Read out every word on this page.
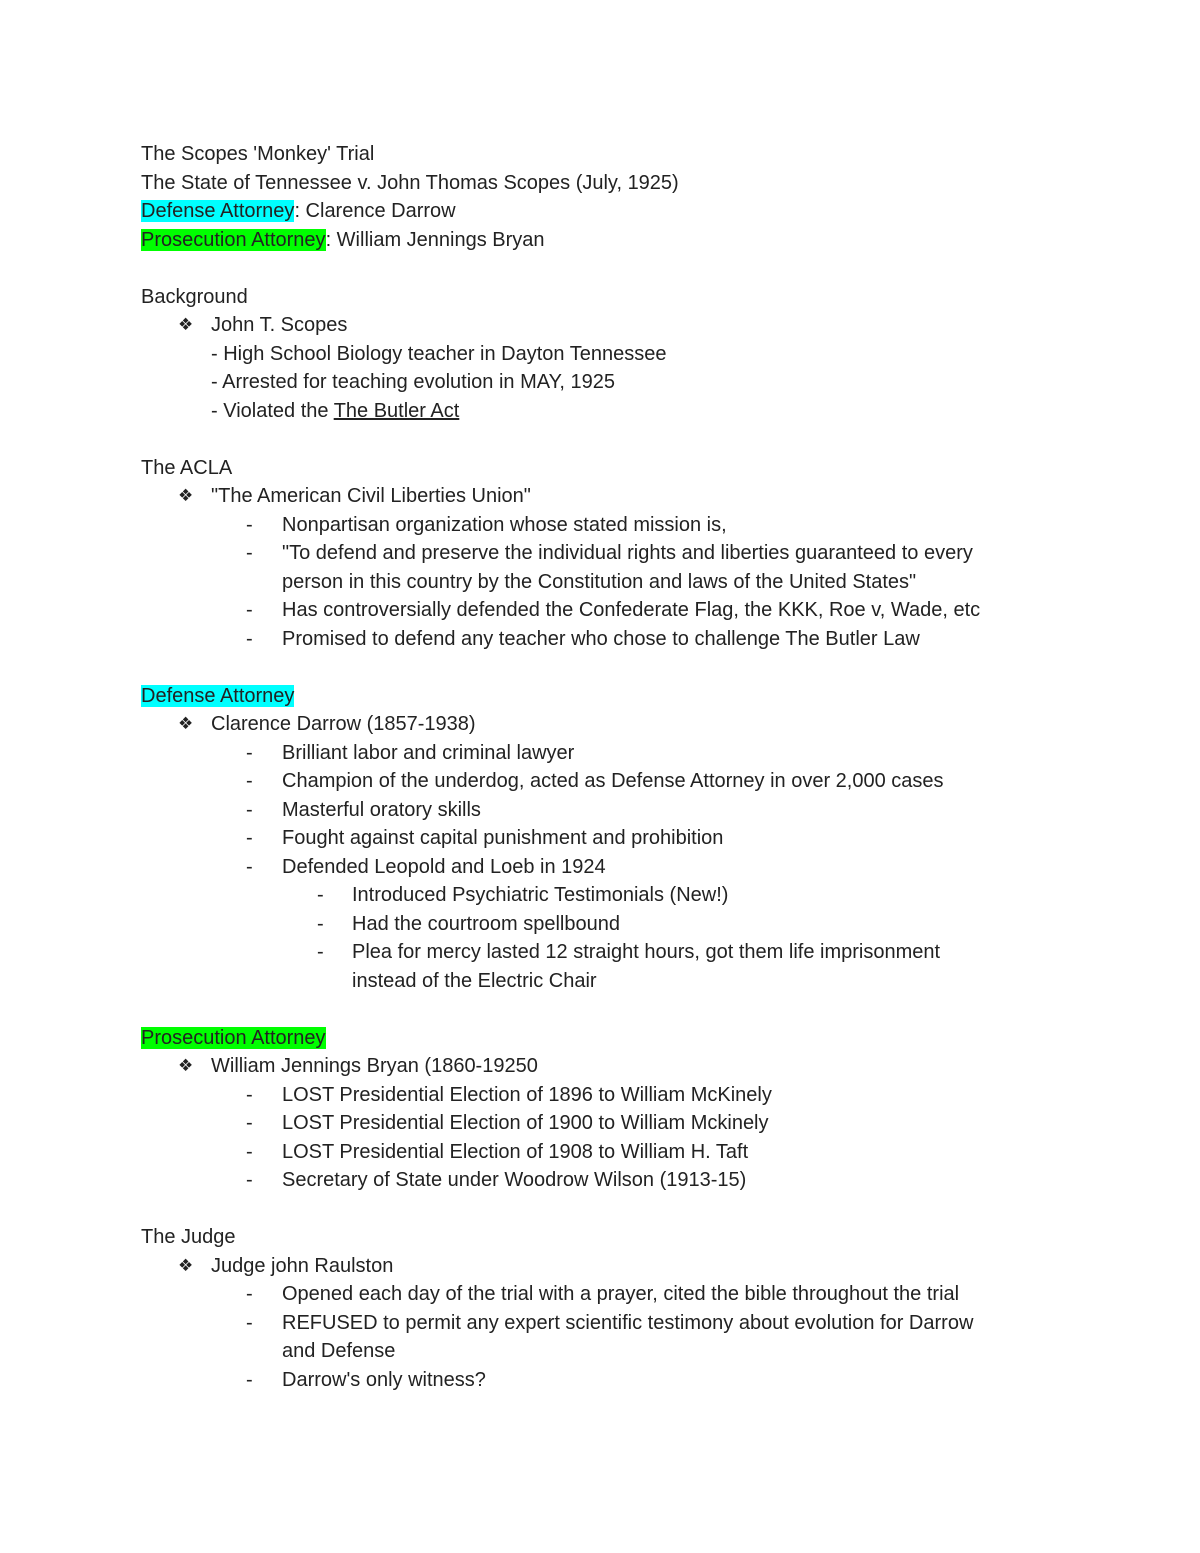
The Scopes 'Monkey' Trial
The State of Tennessee v. John Thomas Scopes (July, 1925)
Defense Attorney: Clarence Darrow
Prosecution Attorney: William Jennings Bryan
Background
❖ John T. Scopes
- High School Biology teacher in Dayton Tennessee
- Arrested for teaching evolution in MAY, 1925
- Violated the The Butler Act
The ACLA
❖ "The American Civil Liberties Union"
- Nonpartisan organization whose stated mission is,
- "To defend and preserve the individual rights and liberties guaranteed to every
person in this country by the Constitution and laws of the United States"
- Has controversially defended the Confederate Flag, the KKK, Roe v, Wade, etc
- Promised to defend any teacher who chose to challenge The Butler Law
Defense Attorney
❖ Clarence Darrow (1857-1938)
- Brilliant labor and criminal lawyer
- Champion of the underdog, acted as Defense Attorney in over 2,000 cases
- Masterful oratory skills
- Fought against capital punishment and prohibition
- Defended Leopold and Loeb in 1924
- Introduced Psychiatric Testimonials (New!)
- Had the courtroom spellbound
- Plea for mercy lasted 12 straight hours, got them life imprisonment
instead of the Electric Chair
Prosecution Attorney
❖ William Jennings Bryan (1860-19250
- LOST Presidential Election of 1896 to William McKinely
- LOST Presidential Election of 1900 to William Mckinely
- LOST Presidential Election of 1908 to William H. Taft
- Secretary of State under Woodrow Wilson (1913-15)
The Judge
❖ Judge john Raulston
- Opened each day of the trial with a prayer, cited the bible throughout the trial
- REFUSED to permit any expert scientific testimony about evolution for Darrow
and Defense
- Darrow's only witness?
